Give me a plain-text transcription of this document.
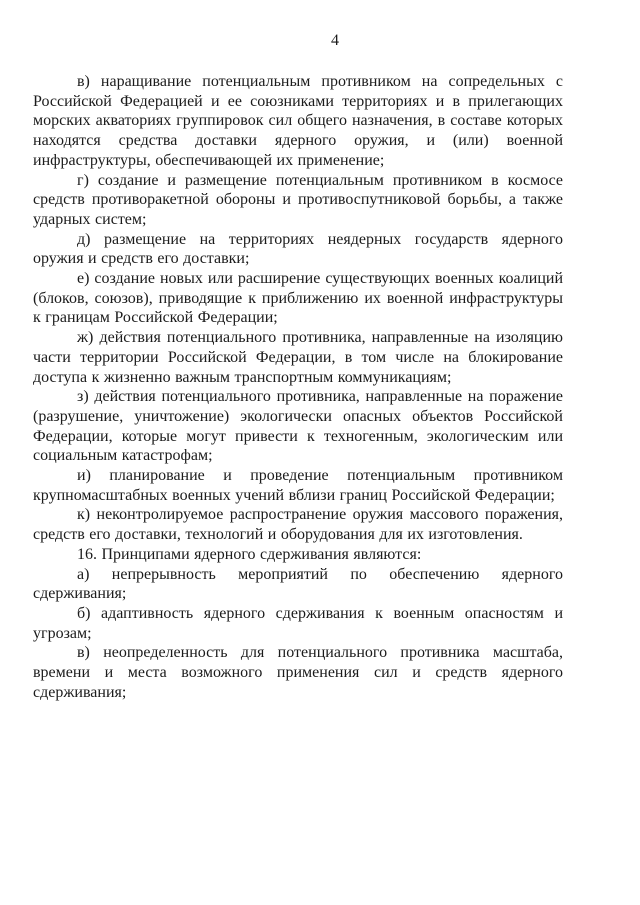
4

в) наращивание потенциальным противником на сопредельных с Российской Федерацией и ее союзниками территориях и в прилегающих морских акваториях группировок сил общего назначения, в составе которых находятся средства доставки ядерного оружия, и (или) военной инфраструктуры, обеспечивающей их применение;

г) создание и размещение потенциальным противником в космосе средств противоракетной обороны и противоспутниковой борьбы, а также ударных систем;

д) размещение на территориях неядерных государств ядерного оружия и средств его доставки;

е) создание новых или расширение существующих военных коалиций (блоков, союзов), приводящие к приближению их военной инфраструктуры к границам Российской Федерации;

ж) действия потенциального противника, направленные на изоляцию части территории Российской Федерации, в том числе на блокирование доступа к жизненно важным транспортным коммуникациям;

з) действия потенциального противника, направленные на поражение (разрушение, уничтожение) экологически опасных объектов Российской Федерации, которые могут привести к техногенным, экологическим или социальным катастрофам;

и) планирование и проведение потенциальным противником крупномасштабных военных учений вблизи границ Российской Федерации;

к) неконтролируемое распространение оружия массового поражения, средств его доставки, технологий и оборудования для их изготовления.

16. Принципами ядерного сдерживания являются:

а) непрерывность мероприятий по обеспечению ядерного сдерживания;

б) адаптивность ядерного сдерживания к военным опасностям и угрозам;

в) неопределенность для потенциального противника масштаба, времени и места возможного применения сил и средств ядерного сдерживания;
